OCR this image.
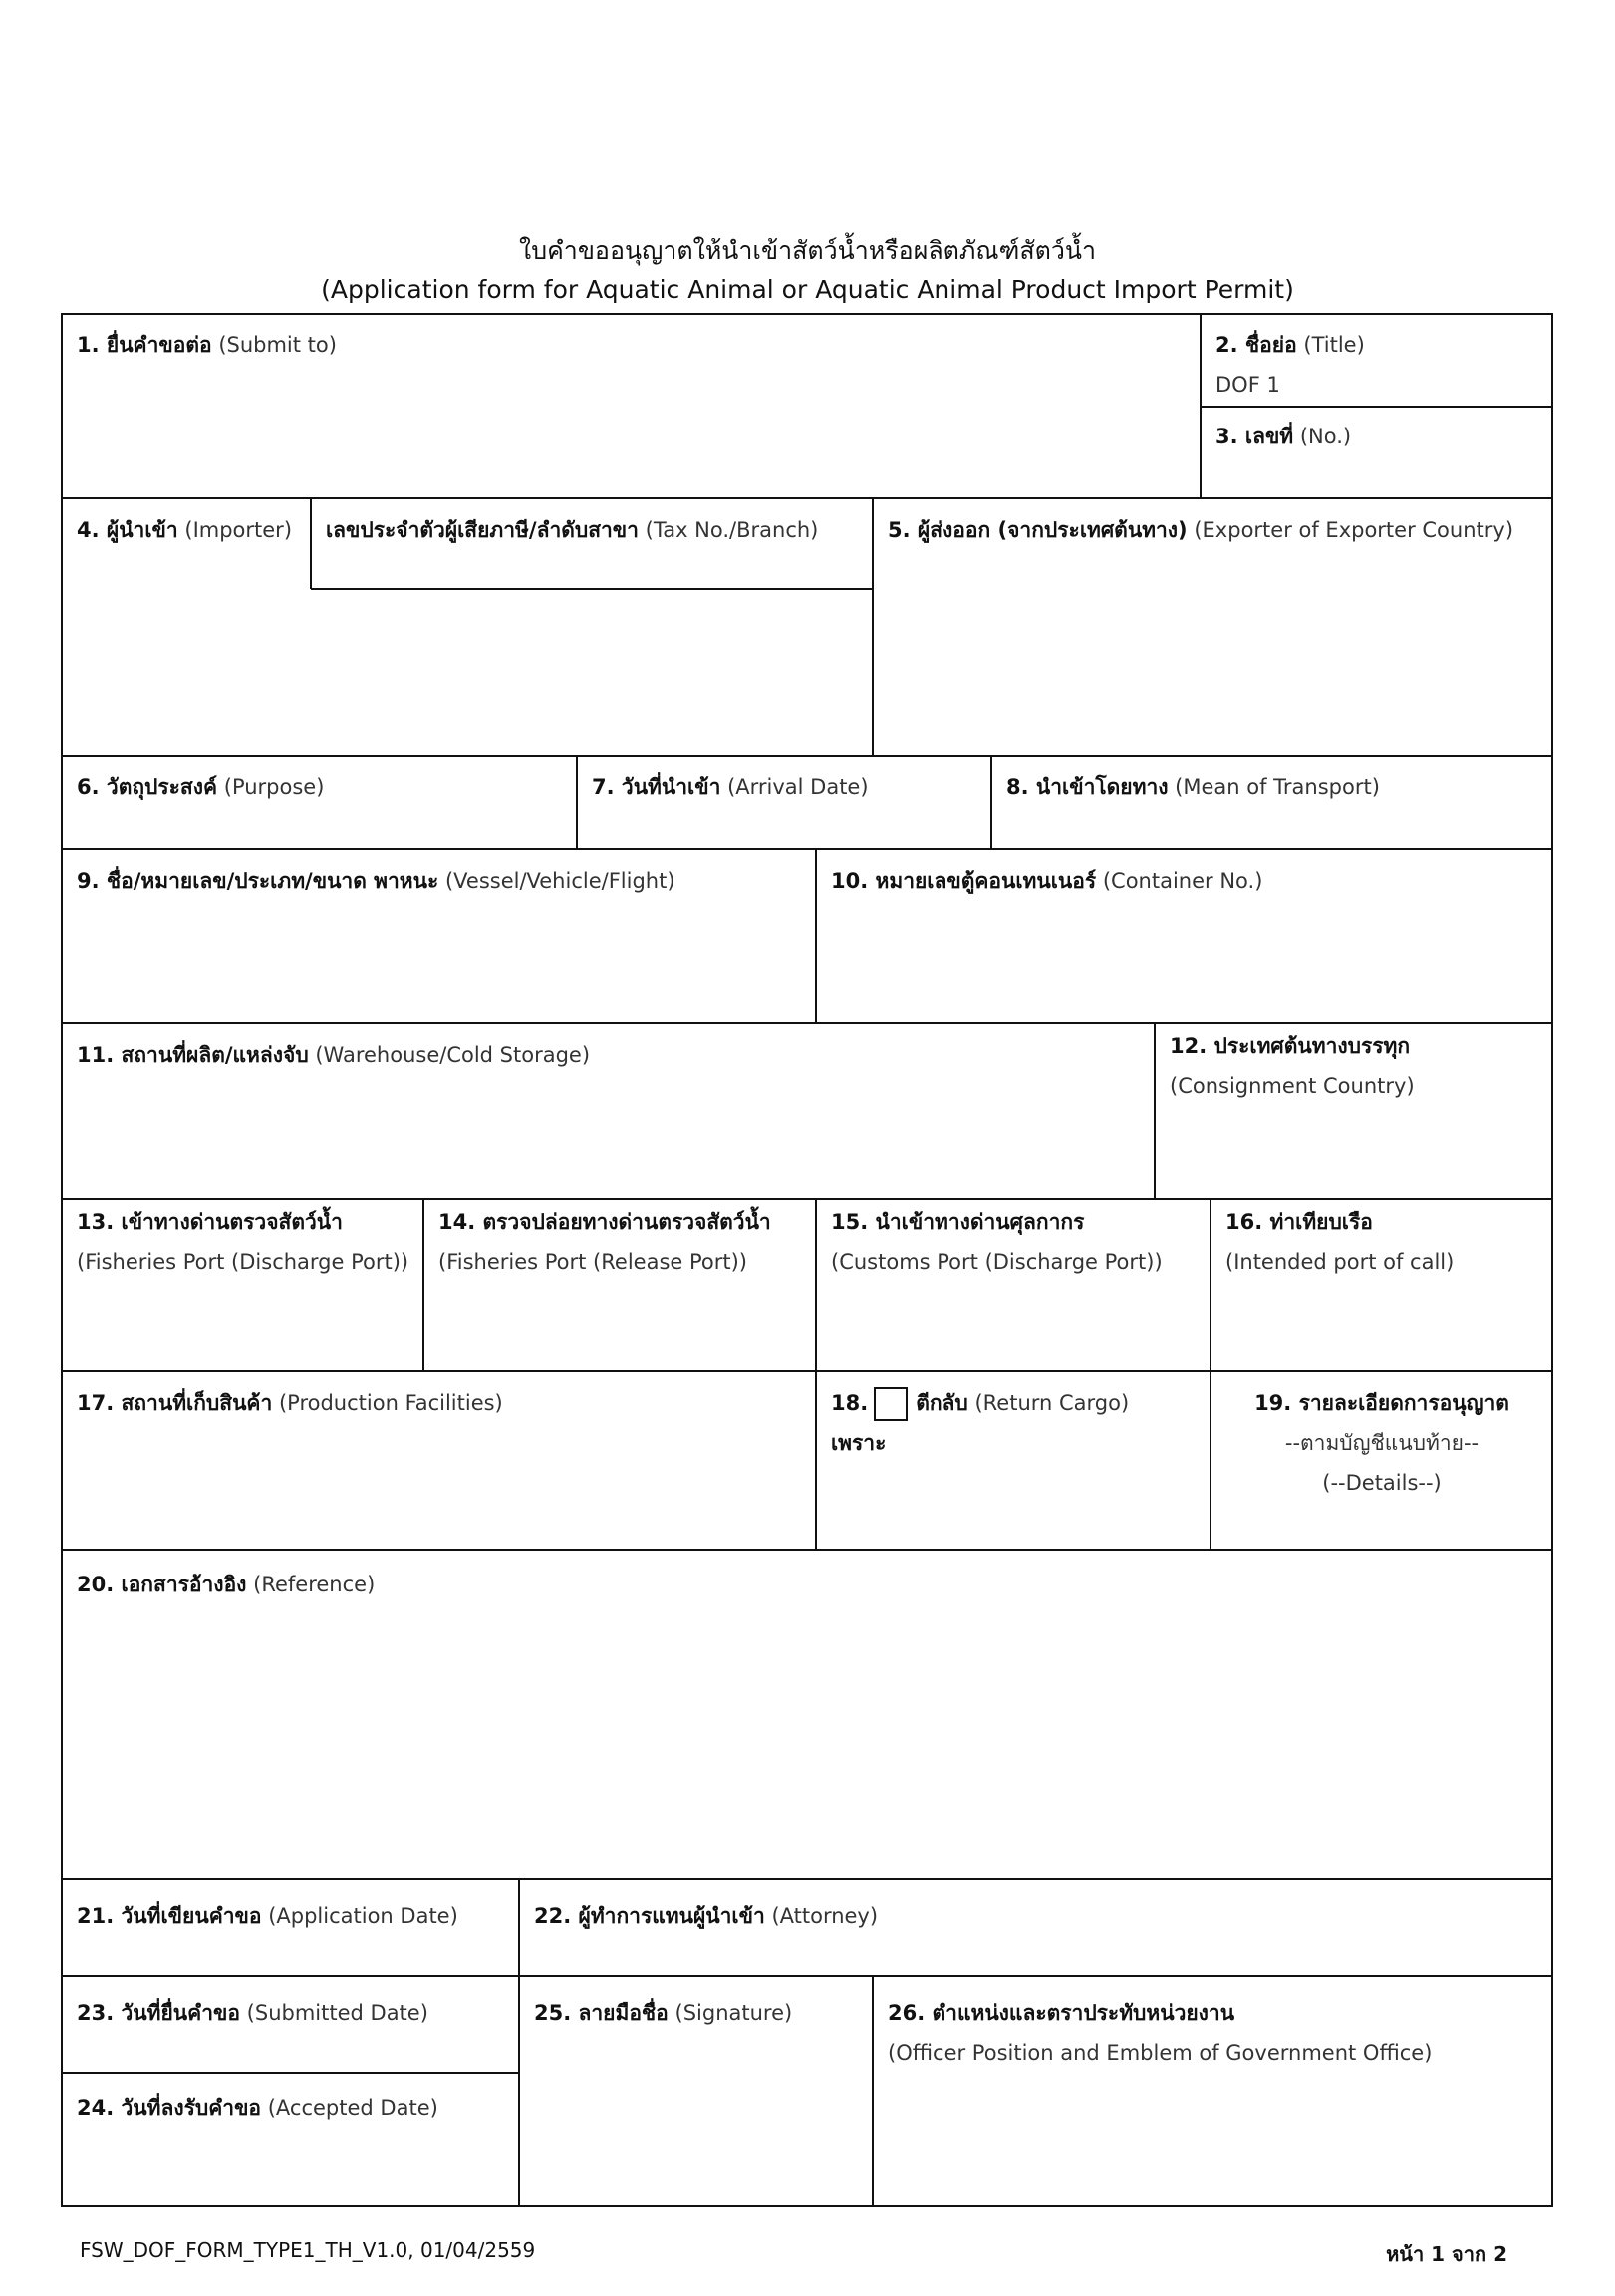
ใบคำขออนุญาตให้นำเข้าสัตว์น้ำหรือผลิตภัณฑ์สัตว์น้ำ
(Application form for Aquatic Animal or Aquatic Animal Product Import Permit)
1. ยื่นคำขอต่อ (Submit to)	2. ชื่อย่อ (Title)
DOF 1
3. เลขที่ (No.)
4. ผู้นำเข้า (Importer) เลขประจำตัวผู้เสียภาษี/ลำดับสาขา (Tax No./Branch)	5. ผู้ส่งออก (จากประเทศต้นทาง) (Exporter of Exporter Country)
6. วัตถุประสงค์ (Purpose)	7. วันที่นำเข้า (Arrival Date)	8. นำเข้าโดยทาง (Mean of Transport)
9. ชื่อ/หมายเลข/ประเภท/ขนาด พาหนะ (Vessel/Vehicle/Flight)	10. หมายเลขตู้คอนเทนเนอร์ (Container No.)
11. สถานที่ผลิต/แหล่งจับ (Warehouse/Cold Storage)	12. ประเทศต้นทางบรรทุก
(Consignment Country)
13. เข้าทางด่านตรวจสัตว์น้ำ
(Fisheries Port (Discharge Port))
14. ตรวจปล่อยทางด่านตรวจสัตว์น้ำ
(Fisheries Port (Release Port))
15. นำเข้าทางด่านศุลกากร
(Customs Port (Discharge Port))
16. ท่าเทียบเรือ
(Intended port of call)
17. สถานที่เก็บสินค้า (Production Facilities)	18. ตีกลับ (Return Cargo)
เพราะ
19. รายละเอียดการอนุญาต
--ตามบัญชีแนบท้าย--
(--Details--)
20. เอกสารอ้างอิง (Reference)
21. วันที่เขียนคำขอ (Application Date)	22. ผู้ทำการแทนผู้นำเข้า (Attorney)
23. วันที่ยื่นคำขอ (Submitted Date)
24. วันที่ลงรับคำขอ (Accepted Date)
25. ลายมือชื่อ (Signature)	26. ตำแหน่งและตราประทับหน่วยงาน
(Officer Position and Emblem of Government Office)
FSW_DOF_FORM_TYPE1_TH_V1.0, 01/04/2559	หน้า 1 จาก 2
